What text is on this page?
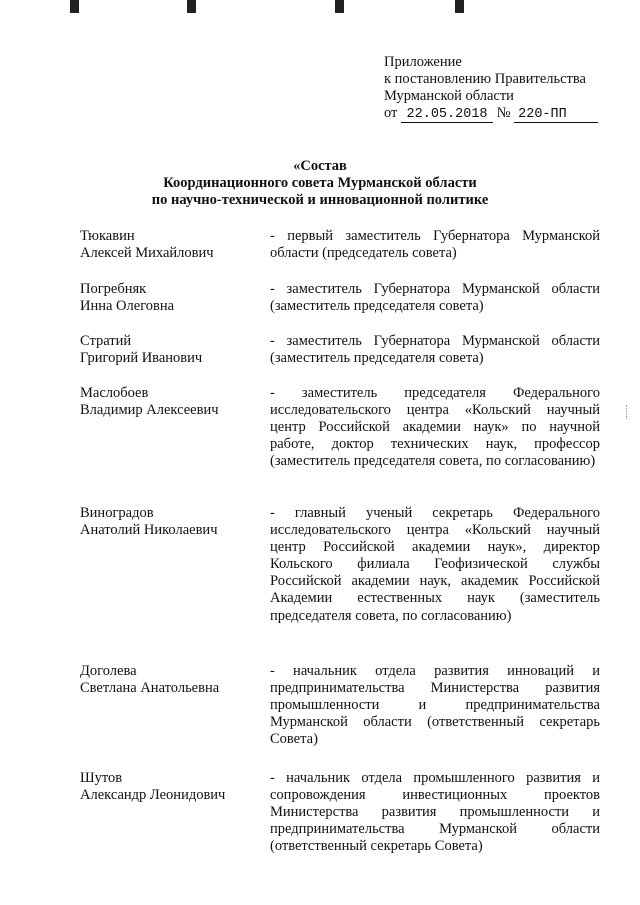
Приложение
к постановлению Правительства
Мурманской области
от 22.05.2018 № 220-ПП
«Состав
Координационного совета Мурманской области
по научно-технической и инновационной политике
Тюкавин
Алексей Михайлович
- первый заместитель Губернатора Мурманской области (председатель совета)
Погребняк
Инна Олеговна
- заместитель Губернатора Мурманской области (заместитель председателя совета)
Стратий
Григорий Иванович
- заместитель Губернатора Мурманской области (заместитель председателя совета)
Маслобоев
Владимир Алексеевич
- заместитель председателя Федерального исследовательского центра «Кольский научный центр Российской академии наук» по научной работе, доктор технических наук, профессор (заместитель председателя совета, по согласованию)
Виноградов
Анатолий Николаевич
- главный ученый секретарь Федерального исследовательского центра «Кольский научный центр Российской академии наук», директор Кольского филиала Геофизической службы Российской академии наук, академик Российской Академии естественных наук (заместитель председателя совета, по согласованию)
Доголева
Светлана Анатольевна
- начальник отдела развития инноваций и предпринимательства Министерства развития промышленности и предпринимательства Мурманской области (ответственный секретарь Совета)
Шутов
Александр Леонидович
- начальник отдела промышленного развития и сопровождения инвестиционных проектов Министерства развития промышленности и предпринимательства Мурманской области (ответственный секретарь Совета)
